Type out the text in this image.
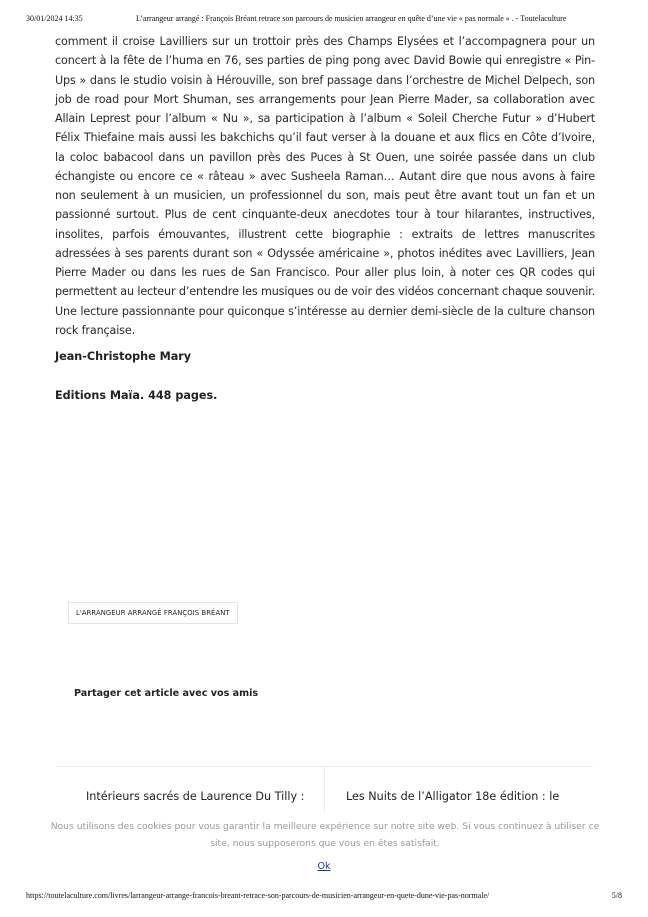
30/01/2024 14:35	L’arrangeur arrangé : François Bréant retrace son parcours de musicien arrangeur en quête d’une vie « pas normale » . - Toutelaculture

comment il croise Lavilliers sur un trottoir près des Champs Elysées et l’accompagnera pour un concert à la fête de l’huma en 76, ses parties de ping pong avec David Bowie qui enregistre « Pin-Ups » dans le studio voisin à Hérouville, son bref passage dans l’orchestre de Michel Delpech, son job de road pour Mort Shuman, ses arrangements pour Jean Pierre Mader, sa collaboration avec Allain Leprest pour l’album « Nu », sa participation à l’album « Soleil Cherche Futur » d’Hubert Félix Thiefaine mais aussi les bakchichs qu’il faut verser à la douane et aux flics en Côte d’Ivoire, la coloc babacool dans un pavillon près des Puces à St Ouen, une soirée passée dans un club échangiste ou encore ce « râteau » avec Susheela Raman… Autant dire que nous avons à faire non seulement à un musicien, un professionnel du son, mais peut être avant tout un fan et un passionné surtout. Plus de cent cinquante-deux anecdotes tour à tour hilarantes, instructives, insolites, parfois émouvantes, illustrent cette biographie : extraits de lettres manuscrites adressées à ses parents durant son « Odyssée américaine », photos inédites avec Lavilliers, Jean Pierre Mader ou dans les rues de San Francisco. Pour aller plus loin, à noter ces QR codes qui permettent au lecteur d’entendre les musiques ou de voir des vidéos concernant chaque souvenir. Une lecture passionnante pour quiconque s’intéresse au dernier demi-siècle de la culture chanson rock française.

Jean-Christophe Mary

Editions Maïa. 448 pages.

L'ARRANGEUR ARRANGÉ FRANÇOIS BRÉANT
Partager cet article avec vos amis
Intérieurs sacrés de Laurence Du Tilly :	Les Nuits de l’Alligator 18e édition : le
Nous utilisons des cookies pour vous garantir la meilleure expérience sur notre site web. Si vous continuez à utiliser ce site, nous supposerons que vous en êtes satisfait.
Ok
https://toutelaculture.com/livres/larrangeur-arrange-francois-breant-retrace-son-parcours-de-musicien-arrangeur-en-quete-dune-vie-pas-normale/	5/8
